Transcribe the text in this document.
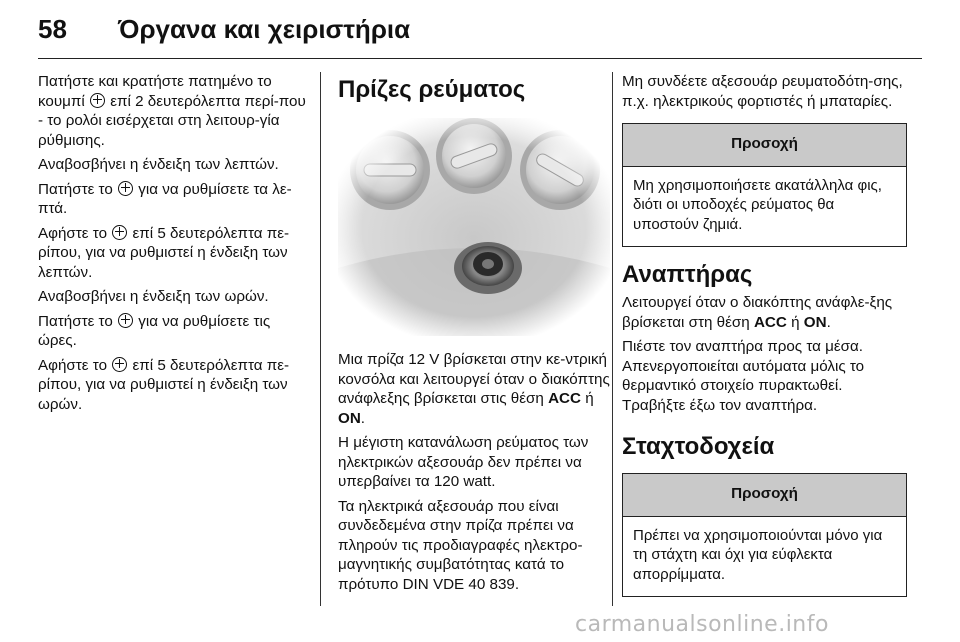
58 Όργανα και χειριστήρια

Πατήστε και κρατήστε πατημένο το κουμπί επί 2 δευτερόλεπτα περί-που - το ρολόι εισέρχεται στη λειτουρ-γία ρύθμισης.

Αναβοσβήνει η ένδειξη των λεπτών.

Πατήστε το για να ρυθμίσετε τα λε-πτά.

Αφήστε το επί 5 δευτερόλεπτα πε-ρίπου, για να ρυθμιστεί η ένδειξη των λεπτών.

Αναβοσβήνει η ένδειξη των ωρών.

Πατήστε το για να ρυθμίσετε τις ώρες.

Αφήστε το επί 5 δευτερόλεπτα πε-ρίπου, για να ρυθμιστεί η ένδειξη των ωρών.

Πρίζες ρεύματος

Μια πρίζα 12 V βρίσκεται στην κε-ντρική κονσόλα και λειτουργεί όταν ο διακόπτης ανάφλεξης βρίσκεται στις θέση ACC ή ON.

Η μέγιστη κατανάλωση ρεύματος των ηλεκτρικών αξεσουάρ δεν πρέπει να υπερβαίνει τα 120 watt.

Τα ηλεκτρικά αξεσουάρ που είναι συνδεδεμένα στην πρίζα πρέπει να πληρούν τις προδιαγραφές ηλεκτρο-μαγνητικής συμβατότητας κατά το πρότυπο DIN VDE 40 839.

Μη συνδέετε αξεσουάρ ρευματοδότη-σης, π.χ. ηλεκτρικούς φορτιστές ή μπαταρίες.

Προσοχή
Μη χρησιμοποιήσετε ακατάλληλα φις, διότι οι υποδοχές ρεύματος θα υποστούν ζημιά.
Αναπτήρας

Λειτουργεί όταν ο διακόπτης ανάφλε-ξης βρίσκεται στη θέση ACC ή ON.

Πιέστε τον αναπτήρα προς τα μέσα. Απενεργοποιείται αυτόματα μόλις το θερμαντικό στοιχείο πυρακτωθεί. Τραβήξτε έξω τον αναπτήρα.

Σταχτοδοχεία
Προσοχή
Πρέπει να χρησιμοποιούνται μόνο για τη στάχτη και όχι για εύφλεκτα απορρίμματα.
carmanualsonline.info
